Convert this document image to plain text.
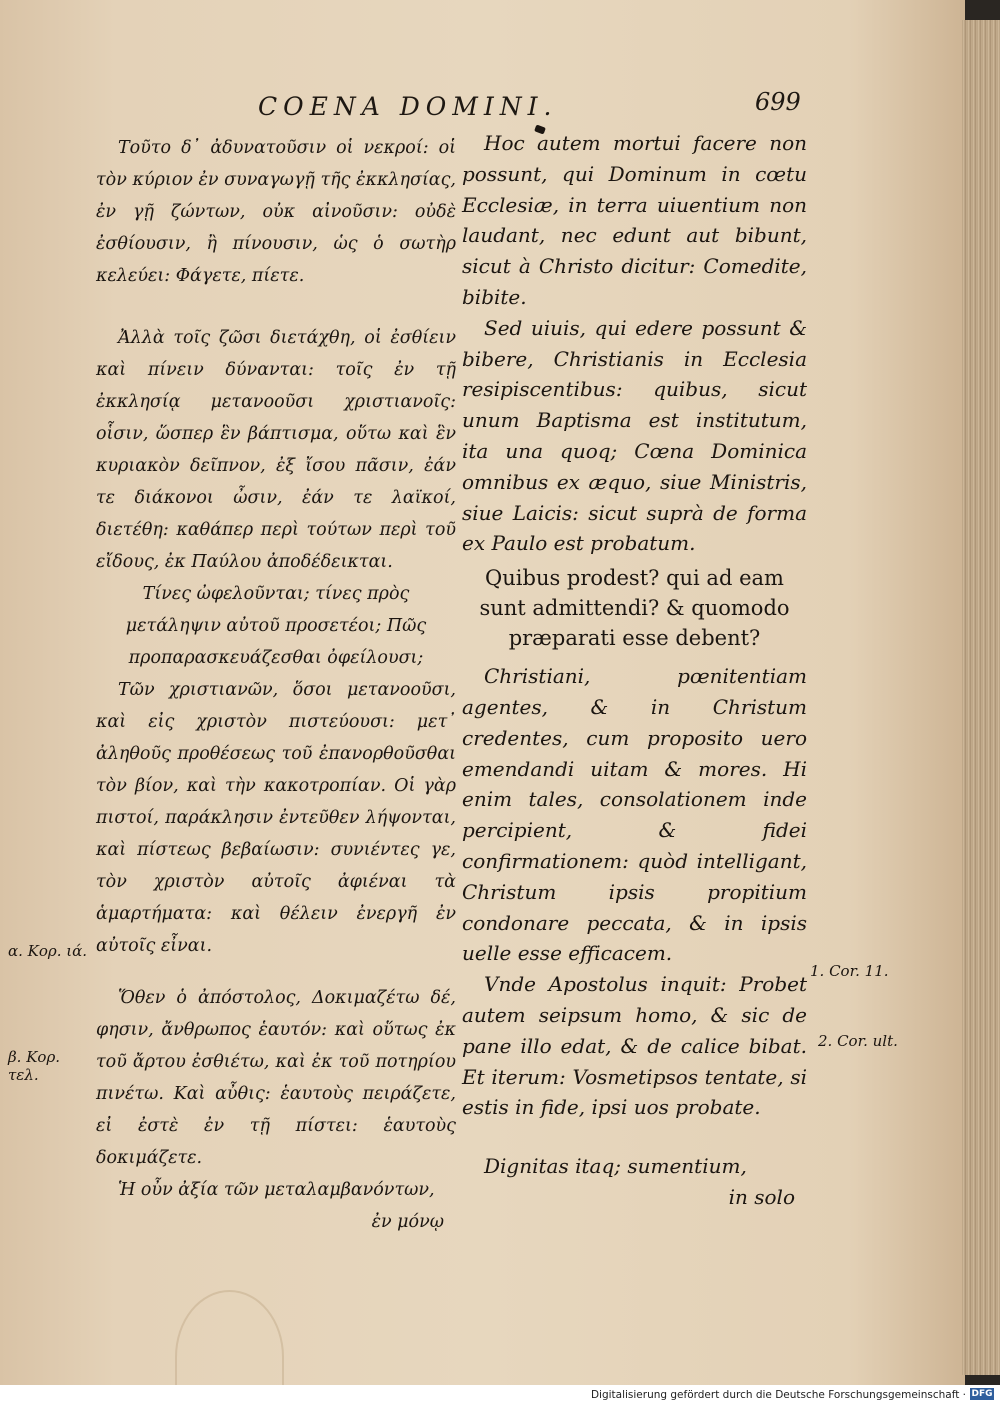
COENA DOMINI.	699

Τοῦτο δ᾽ ἀδυνατοῦσιν οἱ νεκροί: οἱ τὸν κύριον ἐν συναγωγῇ τῆς ἐκκλησίας, ἐν γῇ ζώντων, οὐκ αἰνοῦσιν: οὐδὲ ἐσθίουσιν, ἢ πίνουσιν, ὡς ὁ σωτὴρ κελεύει: Φάγετε, πίετε.

Ἀλλὰ τοῖς ζῶσι διετάχθη, οἱ ἐσθίειν καὶ πίνειν δύνανται: τοῖς ἐν τῇ ἐκκλησίᾳ μετανοοῦσι χριστιανοῖς: οἷσιν, ὥσπερ ἓν βάπτισμα, οὕτω καὶ ἓν κυριακὸν δεῖπνον, ἐξ ἴσου πᾶσιν, ἐάν τε διάκονοι ὦσιν, ἐάν τε λαϊκοί, διετέθη: καθάπερ περὶ τούτων περὶ τοῦ εἴδους, ἐκ Παύλου ἀποδέδεικται.

Τίνες ὠφελοῦνται; τίνες πρὸς μετάληψιν αὐτοῦ προσετέοι; Πῶς προπαρασκευάζεσθαι ὀφείλουσι;

Τῶν χριστιανῶν, ὅσοι μετανοοῦσι, καὶ εἰς χριστὸν πιστεύουσι: μετ᾽ ἀληθοῦς προθέσεως τοῦ ἐπανορθοῦσθαι τὸν βίον, καὶ τὴν κακοτροπίαν. Οἱ γὰρ πιστοί, παράκλησιν ἐντεῦθεν λήψονται, καὶ πίστεως βεβαίωσιν: συνιέντες γε, τὸν χριστὸν αὐτοῖς ἀφιέναι τὰ ἁμαρτήματα: καὶ θέλειν ἐνεργῆ ἐν αὐτοῖς εἶναι.

Ὅθεν ὁ ἀπόστολος, Δοκιμαζέτω δέ, φησιν, ἄνθρωπος ἑαυτόν: καὶ οὕτως ἐκ τοῦ ἄρτου ἐσθιέτω, καὶ ἐκ τοῦ ποτηρίου πινέτω. Καὶ αὖθις: ἑαυτοὺς πειράζετε, εἰ ἐστὲ ἐν τῇ πίστει: ἑαυτοὺς δοκιμάζετε.

Ἡ οὖν ἀξία τῶν μεταλαμβανόντων,

ἐν μόνῳ

Hoc autem mortui facere non possunt, qui Dominum in cœtu Ecclesiæ, in terra uiuentium non laudant, nec edunt aut bibunt, sicut à Christo dicitur: Comedite, bibite.

Sed uiuis, qui edere possunt & bibere, Christianis in Ecclesia resipiscentibus: quibus, sicut unum Baptisma est institutum, ita una quoq; Cœna Dominica omnibus ex æquo, siue Ministris, siue Laicis: sicut suprà de forma ex Paulo est probatum.

Quibus prodest? qui ad eam sunt admittendi? & quomodo præparati esse debent?

Christiani, pœnitentiam agentes, & in Christum credentes, cum proposito uero emendandi uitam & mores. Hi enim tales, consolationem inde percipient, & fidei confirmationem: quòd intelligant, Christum ipsis propitium condonare peccata, & in ipsis uelle esse efficacem.

Vnde Apostolus inquit: Probet autem seipsum homo, & sic de pane illo edat, & de calice bibat. Et iterum: Vosmetipsos tentate, si estis in fide, ipsi uos probate.

Dignitas itaq; sumentium,

in solo
α. Κορ. ιά.
β. Κορ. τελ.
1. Cor. 11.
2. Cor. ult.
Digitalisierung gefördert durch die Deutsche Forschungsgemeinschaft · DFG
